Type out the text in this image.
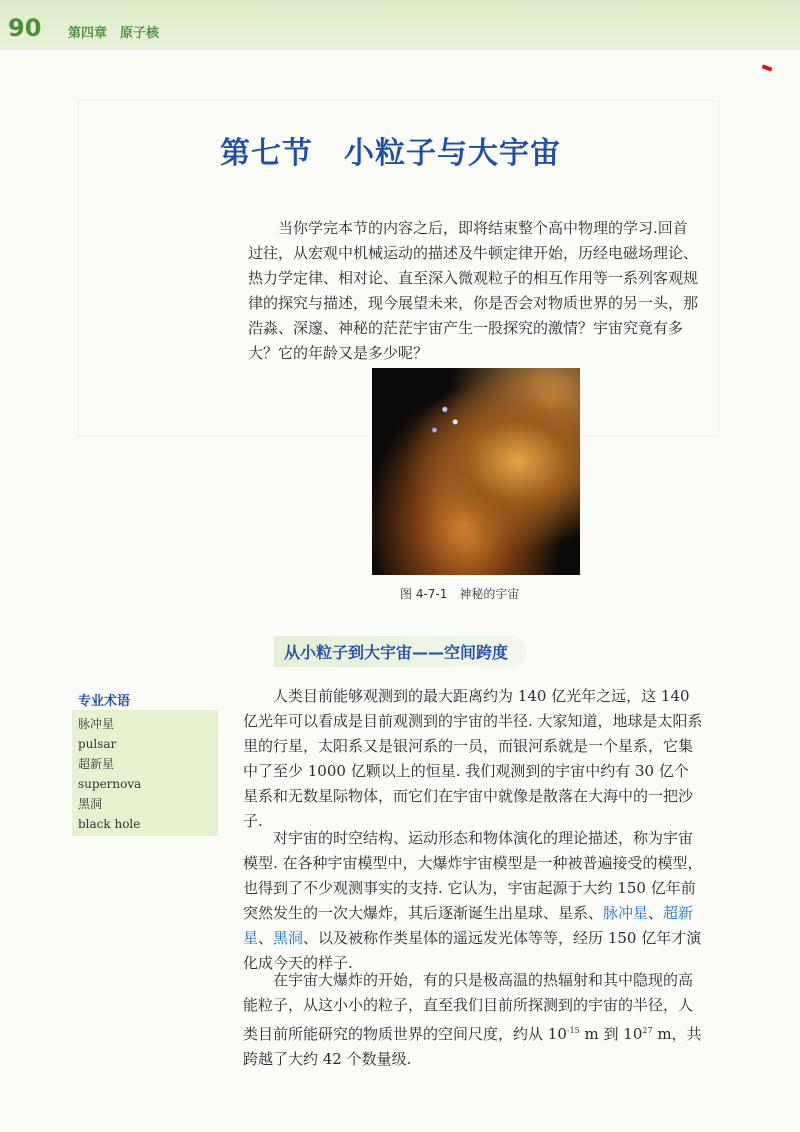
90 第四章　原子核
第七节　小粒子与大宇宙

当你学完本节的内容之后，即将结束整个高中物理的学习.回首过往，从宏观中机械运动的描述及牛顿定律开始，历经电磁场理论、热力学定律、相对论、直至深入微观粒子的相互作用等一系列客观规律的探究与描述，现今展望未来，你是否会对物质世界的另一头，那浩淼、深邃、神秘的茫茫宇宙产生一股探究的激情？宇宙究竟有多大？它的年龄又是多少呢？

图 4-7-1　神秘的宇宙
从小粒子到大宇宙——空间跨度
专业术语
脉冲星
pulsar
超新星
supernova
黑洞
black hole

人类目前能够观测到的最大距离约为 140 亿光年之远，这 140 亿光年可以看成是目前观测到的宇宙的半径. 大家知道，地球是太阳系里的行星，太阳系又是银河系的一员，而银河系就是一个星系，它集中了至少 1000 亿颗以上的恒星. 我们观测到的宇宙中约有 30 亿个星系和无数星际物体，而它们在宇宙中就像是散落在大海中的一把沙子.

对宇宙的时空结构、运动形态和物体演化的理论描述，称为宇宙模型. 在各种宇宙模型中，大爆炸宇宙模型是一种被普遍接受的模型，也得到了不少观测事实的支持. 它认为，宇宙起源于大约 150 亿年前突然发生的一次大爆炸，其后逐渐诞生出星球、星系、脉冲星、超新星、黑洞、以及被称作类星体的遥远发光体等等，经历 150 亿年才演化成今天的样子.

在宇宙大爆炸的开始，有的只是极高温的热辐射和其中隐现的高能粒子，从这小小的粒子，直至我们目前所探测到的宇宙的半径，人类目前所能研究的物质世界的空间尺度，约从 $10^{-15}$ m 到 $10^{27}$ m，共跨越了大约 42 个数量级.
